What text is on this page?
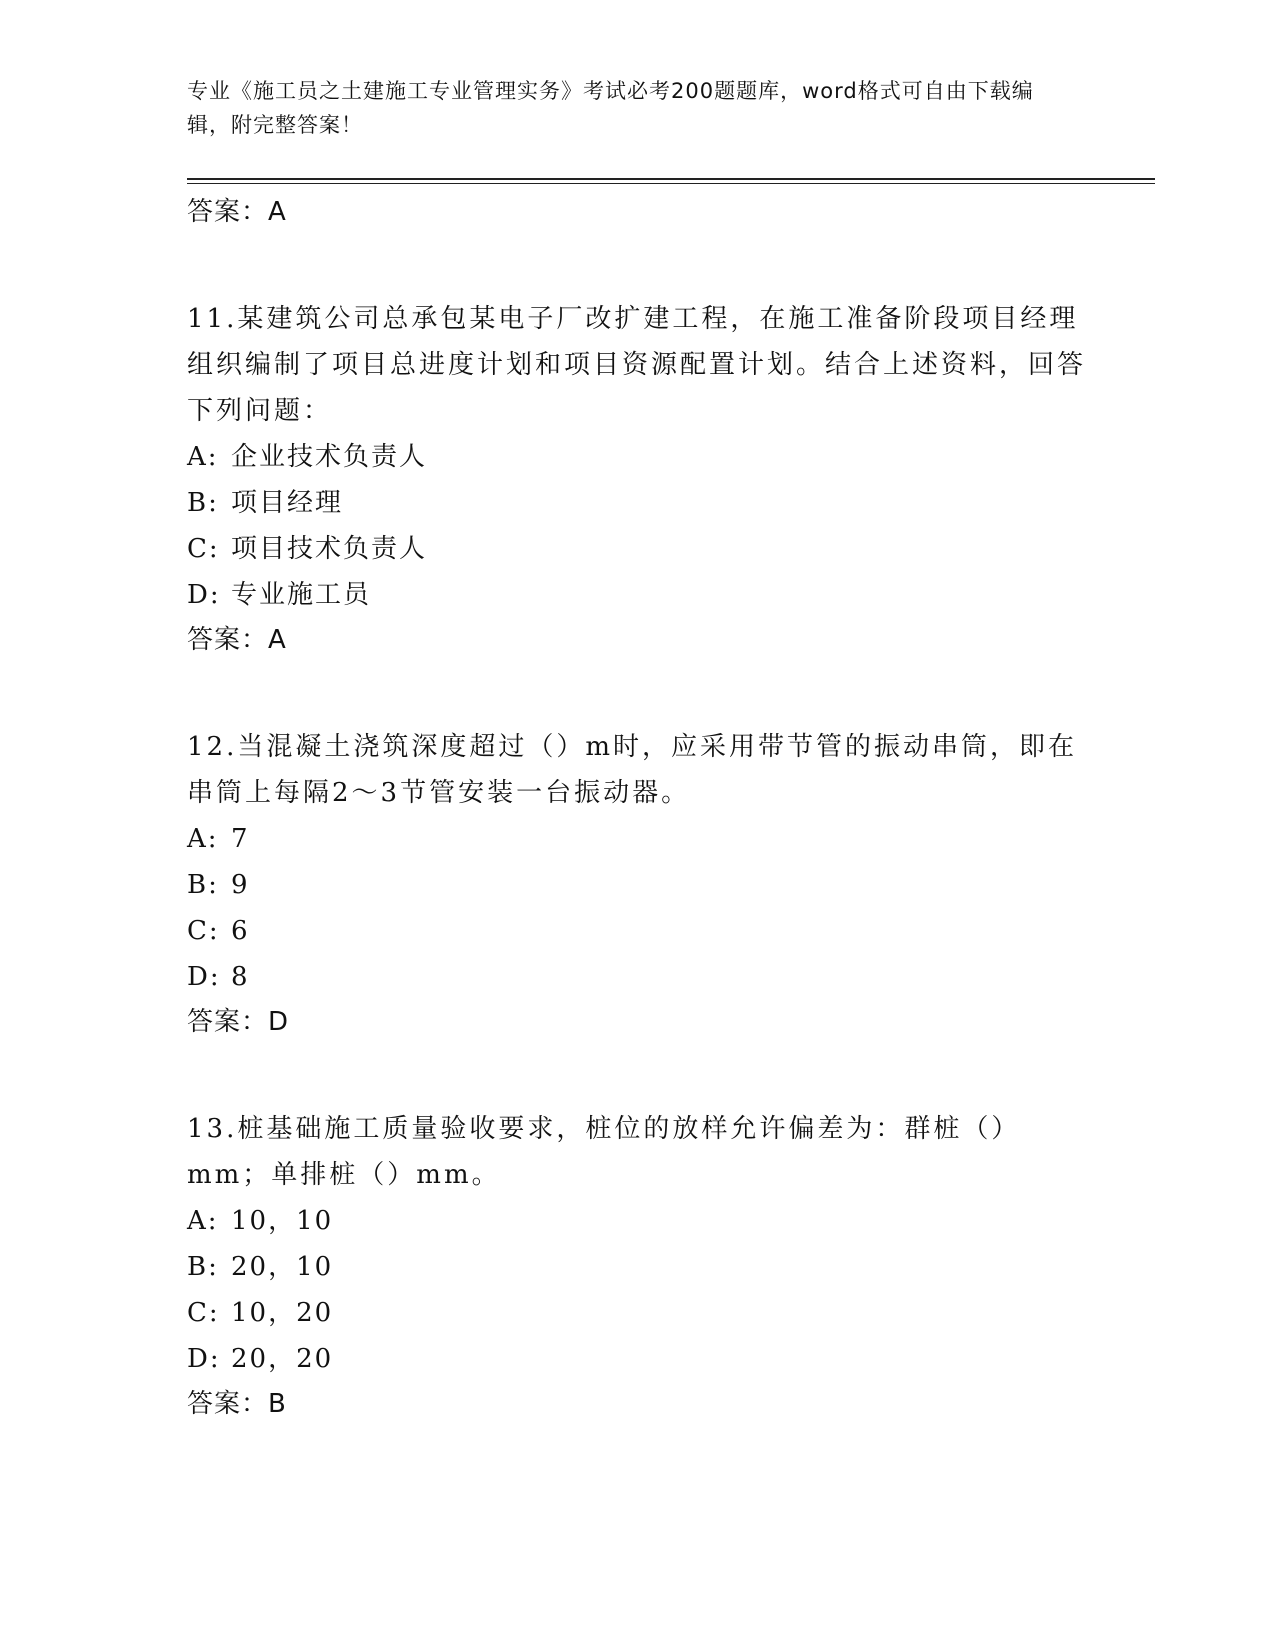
专业《施工员之土建施工专业管理实务》考试必考200题题库，word格式可自由下载编辑，附完整答案！
答案：A
11.某建筑公司总承包某电子厂改扩建工程，在施工准备阶段项目经理组织编制了项目总进度计划和项目资源配置计划。结合上述资料，回答下列问题：
A: 企业技术负责人
B: 项目经理
C: 项目技术负责人
D: 专业施工员
答案：A
12.当混凝土浇筑深度超过（）m时，应采用带节管的振动串筒，即在串筒上每隔2～3节管安装一台振动器。
A: 7
B: 9
C: 6
D: 8
答案：D
13.桩基础施工质量验收要求，桩位的放样允许偏差为：群桩（）mm；单排桩（）mm。
A: 10，10
B: 20，10
C: 10，20
D: 20，20
答案：B
